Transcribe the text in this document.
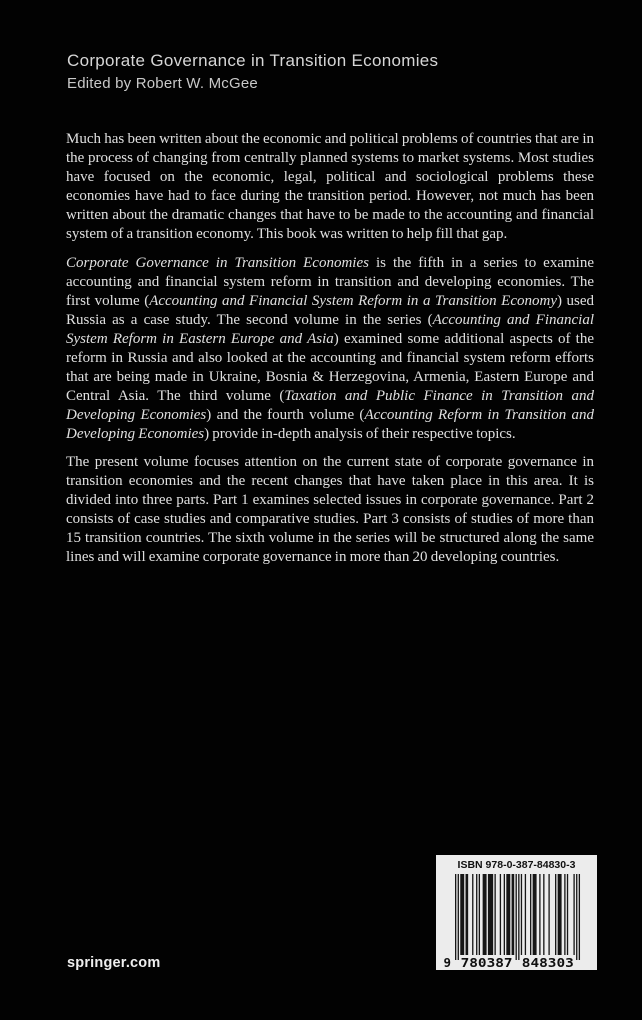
Corporate Governance in Transition Economies
Edited by Robert W. McGee

Much has been written about the economic and political problems of countries that are in the process of changing from centrally planned systems to market systems. Most studies have focused on the economic, legal, political and sociological problems these economies have had to face during the transition period. However, not much has been written about the dramatic changes that have to be made to the accounting and financial system of a transition economy. This book was written to help fill that gap.

Corporate Governance in Transition Economies is the fifth in a series to examine accounting and financial system reform in transition and developing economies. The first volume (Accounting and Financial System Reform in a Transition Economy) used Russia as a case study. The second volume in the series (Accounting and Financial System Reform in Eastern Europe and Asia) examined some additional aspects of the reform in Russia and also looked at the accounting and financial system reform efforts that are being made in Ukraine, Bosnia & Herzegovina, Armenia, Eastern Europe and Central Asia. The third volume (Taxation and Public Finance in Transition and Developing Economies) and the fourth volume (Accounting Reform in Transition and Developing Economies) provide in-depth analysis of their respective topics.

The present volume focuses attention on the current state of corporate governance in transition economies and the recent changes that have taken place in this area. It is divided into three parts. Part 1 examines selected issues in corporate governance. Part 2 consists of case studies and comparative studies. Part 3 consists of studies of more than 15 transition countries. The sixth volume in the series will be structured along the same lines and will examine corporate governance in more than 20 developing countries.

ISBN 978-0-387-84830-3
9 780387 848303
springer.com
